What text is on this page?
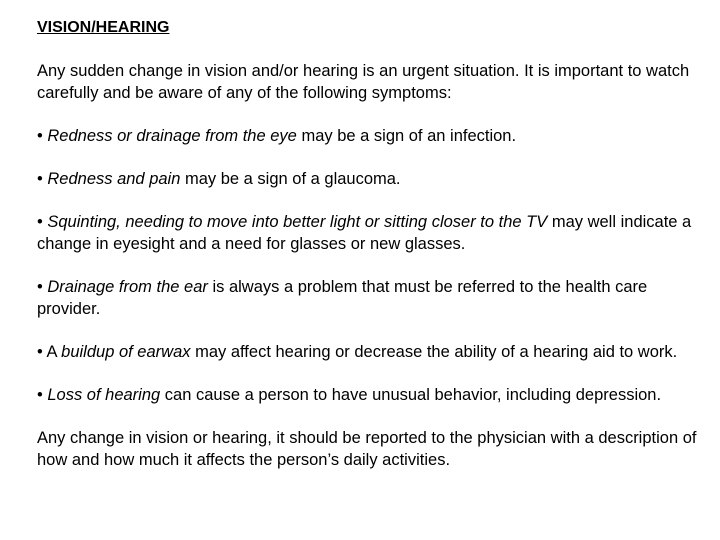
VISION/HEARING
Any sudden change in vision and/or hearing is an urgent situation. It is important to watch carefully and be aware of any of the following symptoms:
• Redness or drainage from the eye may be a sign of an infection.
• Redness and pain may be a sign of a glaucoma.
• Squinting, needing to move into better light or sitting closer to the TV may well indicate a change in eyesight and a need for glasses or new glasses.
• Drainage from the ear is always a problem that must be referred to the health care provider.
• A buildup of earwax may affect hearing or decrease the ability of a hearing aid to work.
• Loss of hearing can cause a person to have unusual behavior, including depression.
Any change in vision or hearing, it should be reported to the physician with a description of how and how much it affects the person’s daily activities.
